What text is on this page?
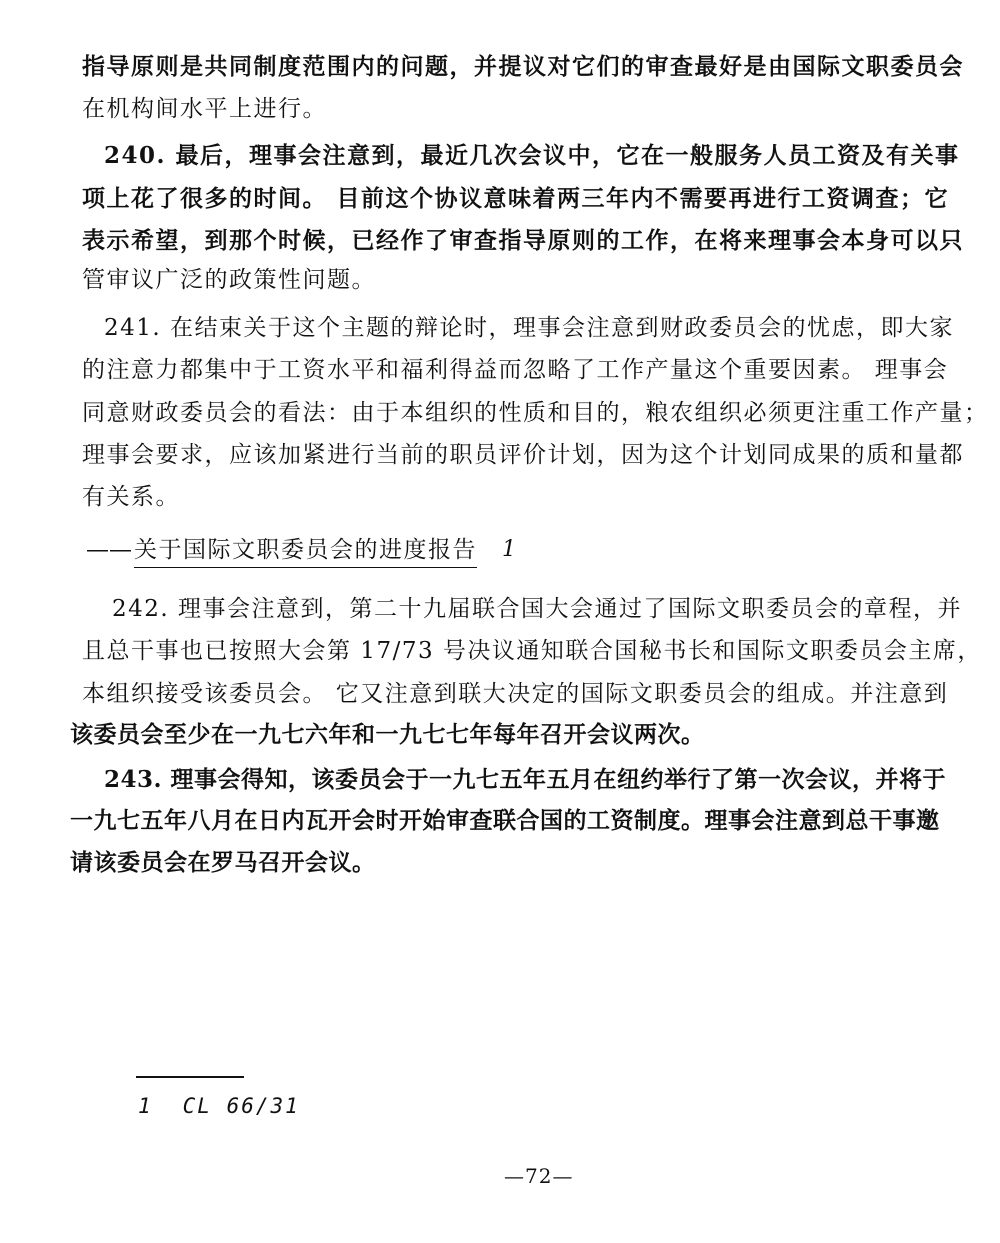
指导原则是共同制度范围内的问题，并提议对它们的审查最好是由国际文职委员会
在机构间水平上进行。
240. 最后，理事会注意到，最近几次会议中，它在一般服务人员工资及有关事
项上花了很多的时间。 目前这个协议意味着两三年内不需要再进行工资调查；它
表示希望，到那个时候，已经作了审查指导原则的工作，在将来理事会本身可以只
管审议广泛的政策性问题。
241. 在结束关于这个主题的辩论时，理事会注意到财政委员会的忧虑，即大家
的注意力都集中于工资水平和福利得益而忽略了工作产量这个重要因素。 理事会
同意财政委员会的看法：由于本组织的性质和目的，粮农组织必须更注重工作产量；
理事会要求，应该加紧进行当前的职员评价计划，因为这个计划同成果的质和量都
有关系。
—— 关于国际文职委员会的进度报告 1
242. 理事会注意到，第二十九届联合国大会通过了国际文职委员会的章程，并
且总干事也已按照大会第 17/73 号决议通知联合国秘书长和国际文职委员会主席，
本组织接受该委员会。 它又注意到联大决定的国际文职委员会的组成。并注意到
该委员会至少在一九七六年和一九七七年每年召开会议两次。
243. 理事会得知，该委员会于一九七五年五月在纽约举行了第一次会议，并将于
一九七五年八月在日内瓦开会时开始审查联合国的工资制度。理事会注意到总干事邀
请该委员会在罗马召开会议。
1 CL 66/31
—72—
